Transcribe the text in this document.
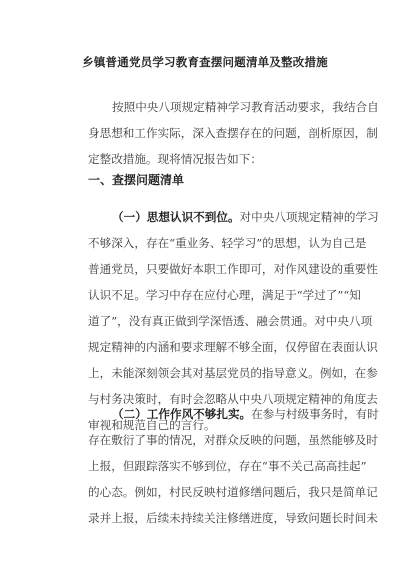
乡镇普通党员学习教育查摆问题清单及整改措施
按照中央八项规定精神学习教育活动要求，我结合自
身思想和工作实际，深入查摆存在的问题，剖析原因，制
定整改措施。现将情况报告如下：
一、查摆问题清单
（一）思想认识不到位。对中央八项规定精神的学习
不够深入，存在“重业务、轻学习”的思想，认为自己是
普通党员，只要做好本职工作即可，对作风建设的重要性
认识不足。学习中存在应付心理，满足于“学过了”“知
道了”，没有真正做到学深悟透、融会贯通。对中央八项
规定精神的内涵和要求理解不够全面，仅停留在表面认识
上，未能深刻领会其对基层党员的指导意义。例如，在参
与村务决策时，有时会忽略从中央八项规定精神的角度去
审视和规范自己的言行。
（二）工作作风不够扎实。在参与村级事务时，有时
存在敷衍了事的情况，对群众反映的问题，虽然能够及时
上报，但跟踪落实不够到位，存在“事不关己高高挂起”
的心态。例如，村民反映村道修缮问题后，我只是简单记
录并上报，后续未持续关注修缮进度，导致问题长时间未
